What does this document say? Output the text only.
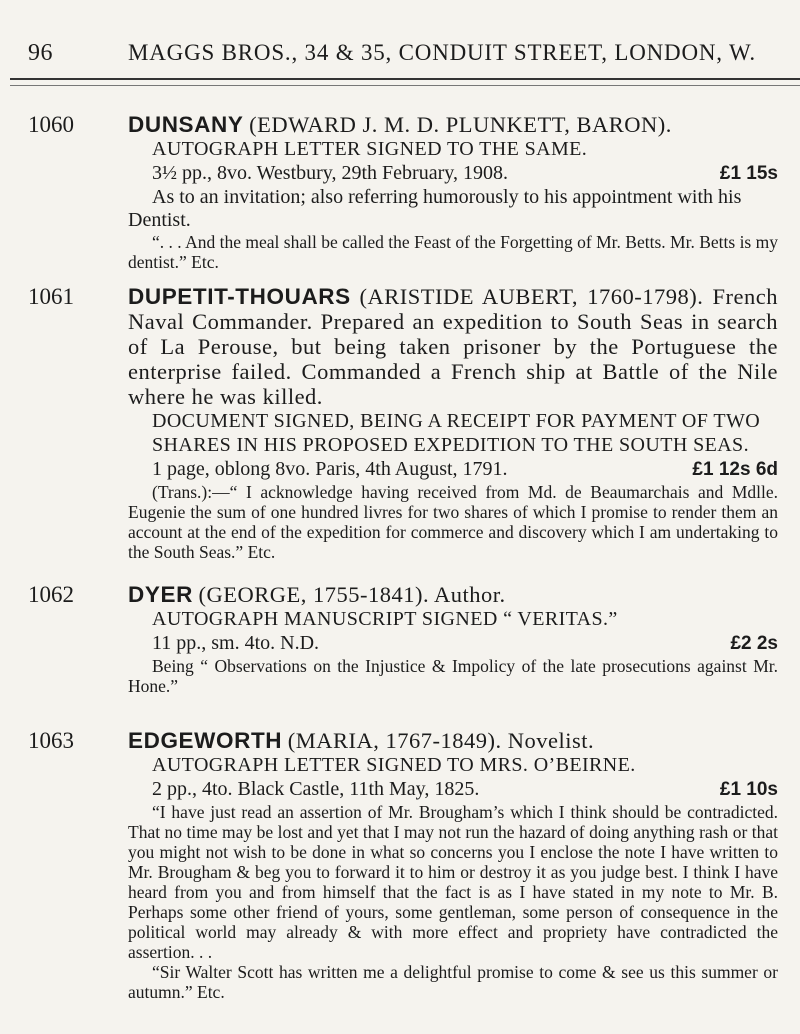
96	MAGGS BROS., 34 & 35, CONDUIT STREET, LONDON, W.
1060 DUNSANY (EDWARD J. M. D. PLUNKETT, BARON).
AUTOGRAPH LETTER SIGNED TO THE SAME.
3½ pp., 8vo. Westbury, 29th February, 1908.	£1 15s

As to an invitation; also referring humorously to his appointment with his Dentist.

“. . . And the meal shall be called the Feast of the Forgetting of Mr. Betts. Mr. Betts is my dentist.” Etc.

1061 DUPETIT-THOUARS (ARISTIDE AUBERT, 1760-1798). French Naval Commander. Prepared an expedition to South Seas in search of La Perouse, but being taken prisoner by the Portuguese the enterprise failed. Commanded a French ship at Battle of the Nile where he was killed.
DOCUMENT SIGNED, BEING A RECEIPT FOR PAYMENT OF TWO SHARES IN HIS PROPOSED EXPEDITION TO THE SOUTH SEAS.
1 page, oblong 8vo. Paris, 4th August, 1791.	£1 12s 6d

(Trans.):—“ I acknowledge having received from Md. de Beaumarchais and Mdlle. Eugenie the sum of one hundred livres for two shares of which I promise to render them an account at the end of the expedition for commerce and discovery which I am undertaking to the South Seas.” Etc.

1062 DYER (GEORGE, 1755-1841). Author.
AUTOGRAPH MANUSCRIPT SIGNED “ VERITAS.”
11 pp., sm. 4to. N.D.	£2 2s

Being “ Observations on the Injustice & Impolicy of the late prosecutions against Mr. Hone.”

1063 EDGEWORTH (MARIA, 1767-1849). Novelist.
AUTOGRAPH LETTER SIGNED TO MRS. O’BEIRNE.
2 pp., 4to. Black Castle, 11th May, 1825.	£1 10s

“I have just read an assertion of Mr. Brougham’s which I think should be contradicted. That no time may be lost and yet that I may not run the hazard of doing anything rash or that you might not wish to be done in what so concerns you I enclose the note I have written to Mr. Brougham & beg you to forward it to him or destroy it as you judge best. I think I have heard from you and from himself that the fact is as I have stated in my note to Mr. B. Perhaps some other friend of yours, some gentleman, some person of consequence in the political world may already & with more effect and propriety have contradicted the assertion. . .

“Sir Walter Scott has written me a delightful promise to come & see us this summer or autumn.” Etc.
